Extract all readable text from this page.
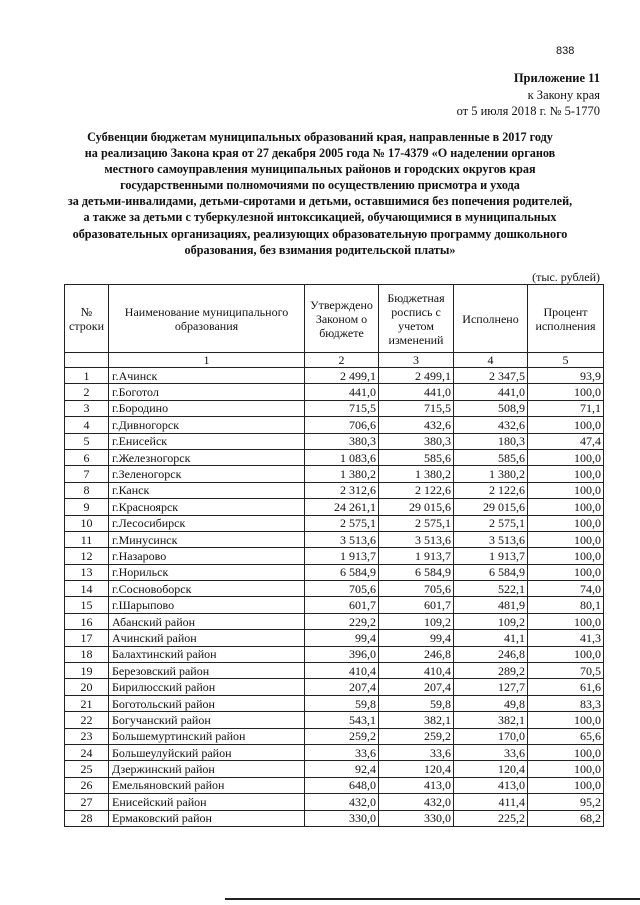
838
Приложение 11
к Закону края
от 5 июля 2018 г. № 5-1770
Субвенции бюджетам муниципальных образований края, направленные в 2017 году
на реализацию Закона края от 27 декабря 2005 года № 17-4379 «О наделении органов
местного самоуправления муниципальных районов и городских округов края
государственными полномочиями по осуществлению присмотра и ухода
за детьми-инвалидами, детьми-сиротами и детьми, оставшимися без попечения родителей,
а также за детьми с туберкулезной интоксикацией, обучающимися в муниципальных
образовательных организациях, реализующих образовательную программу дошкольного
образования, без взимания родительской платы»
(тыс. рублей)
№ строки	Наименование муниципального образования	Утверждено Законом о бюджете	Бюджетная роспись с учетом изменений	Исполнено	Процент исполнения
	1	2	3	4	5
1	г.Ачинск	2 499,1	2 499,1	2 347,5	93,9
2	г.Боготол	441,0	441,0	441,0	100,0
3	г.Бородино	715,5	715,5	508,9	71,1
4	г.Дивногорск	706,6	432,6	432,6	100,0
5	г.Енисейск	380,3	380,3	180,3	47,4
6	г.Железногорск	1 083,6	585,6	585,6	100,0
7	г.Зеленогорск	1 380,2	1 380,2	1 380,2	100,0
8	г.Канск	2 312,6	2 122,6	2 122,6	100,0
9	г.Красноярск	24 261,1	29 015,6	29 015,6	100,0
10	г.Лесосибирск	2 575,1	2 575,1	2 575,1	100,0
11	г.Минусинск	3 513,6	3 513,6	3 513,6	100,0
12	г.Назарово	1 913,7	1 913,7	1 913,7	100,0
13	г.Норильск	6 584,9	6 584,9	6 584,9	100,0
14	г.Сосновоборск	705,6	705,6	522,1	74,0
15	г.Шарыпово	601,7	601,7	481,9	80,1
16	Абанский район	229,2	109,2	109,2	100,0
17	Ачинский район	99,4	99,4	41,1	41,3
18	Балахтинский район	396,0	246,8	246,8	100,0
19	Березовский район	410,4	410,4	289,2	70,5
20	Бирилюсский район	207,4	207,4	127,7	61,6
21	Боготольский район	59,8	59,8	49,8	83,3
22	Богучанский район	543,1	382,1	382,1	100,0
23	Большемуртинский район	259,2	259,2	170,0	65,6
24	Большеулуйский район	33,6	33,6	33,6	100,0
25	Дзержинский район	92,4	120,4	120,4	100,0
26	Емельяновский район	648,0	413,0	413,0	100,0
27	Енисейский район	432,0	432,0	411,4	95,2
28	Ермаковский район	330,0	330,0	225,2	68,2
